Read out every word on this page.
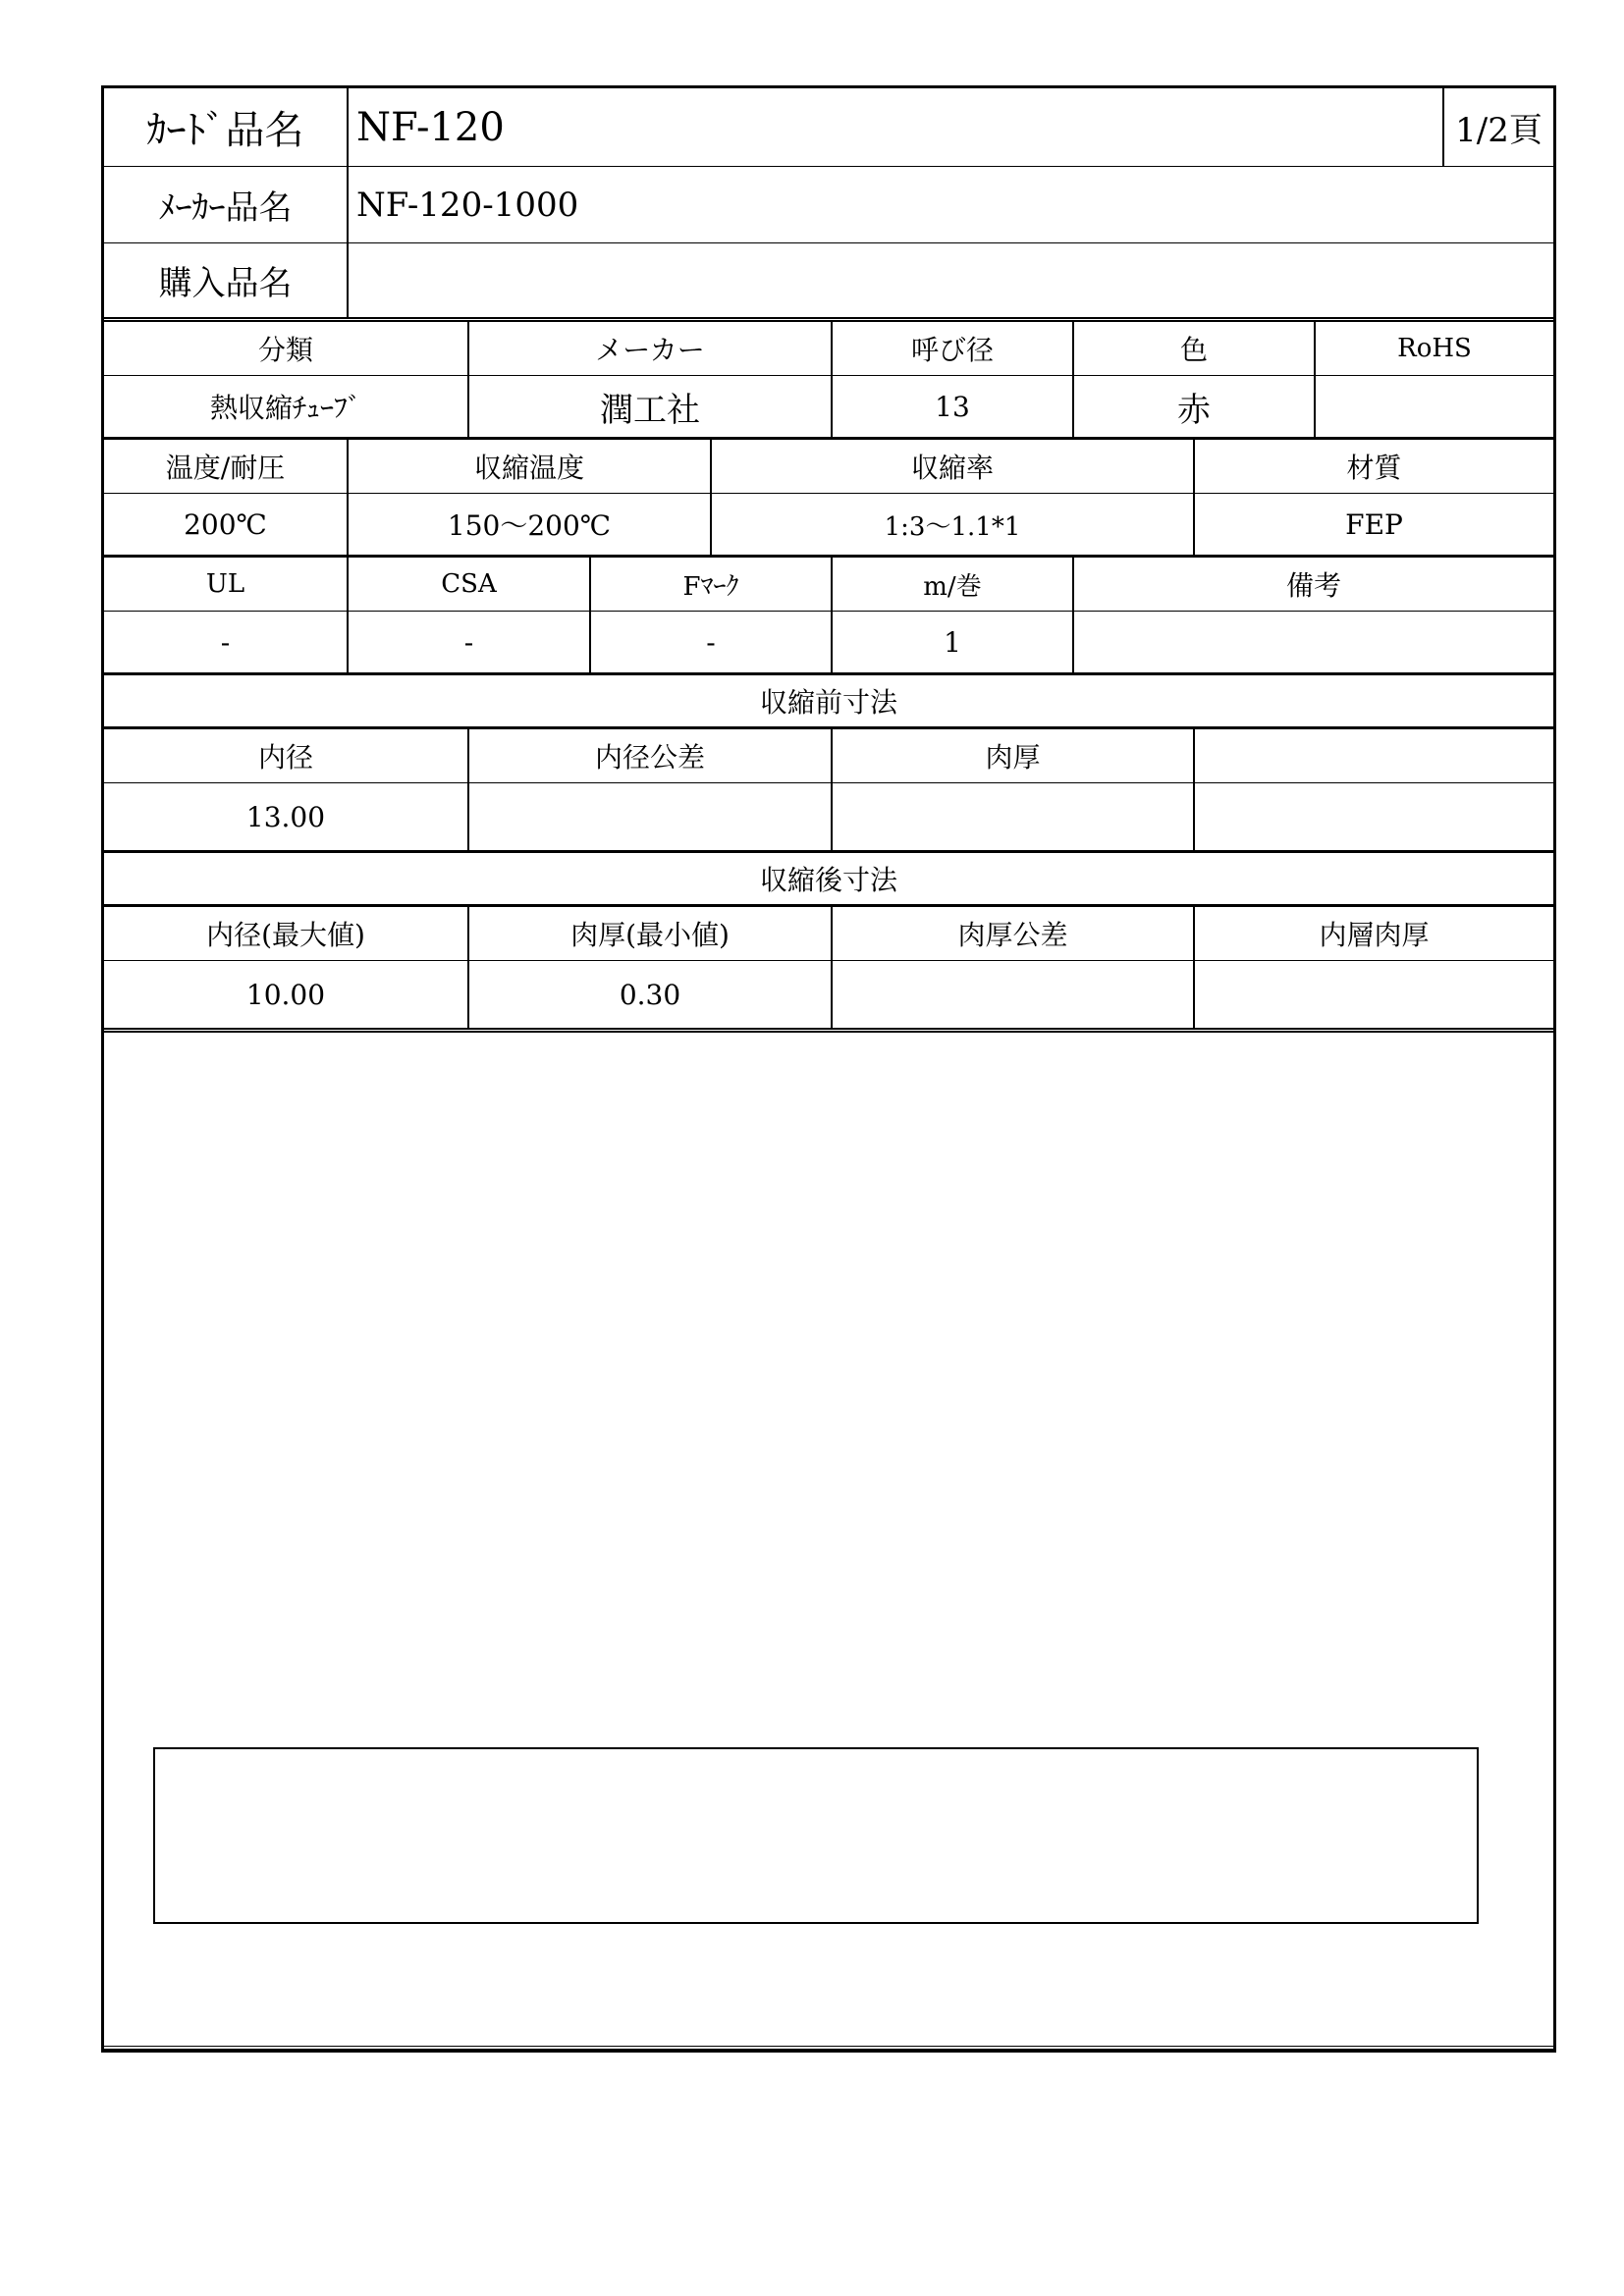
ｶｰﾄﾞ品名	NF-120	1/2頁
ﾒｰｶｰ品名	NF-120-1000
購入品名
分類	メーカー	呼び径	色	RoHS
熱収縮ﾁｭｰﾌﾞ	潤工社	13	赤
温度/耐圧	収縮温度	収縮率	材質
200℃	150～200℃	1:3～1.1*1	FEP
UL	CSA	Fﾏｰｸ	m/巻	備考
-	-	-	1
収縮前寸法
内径	内径公差	肉厚
13.00
収縮後寸法
内径(最大値)	肉厚(最小値)	肉厚公差	内層肉厚
10.00	0.30
